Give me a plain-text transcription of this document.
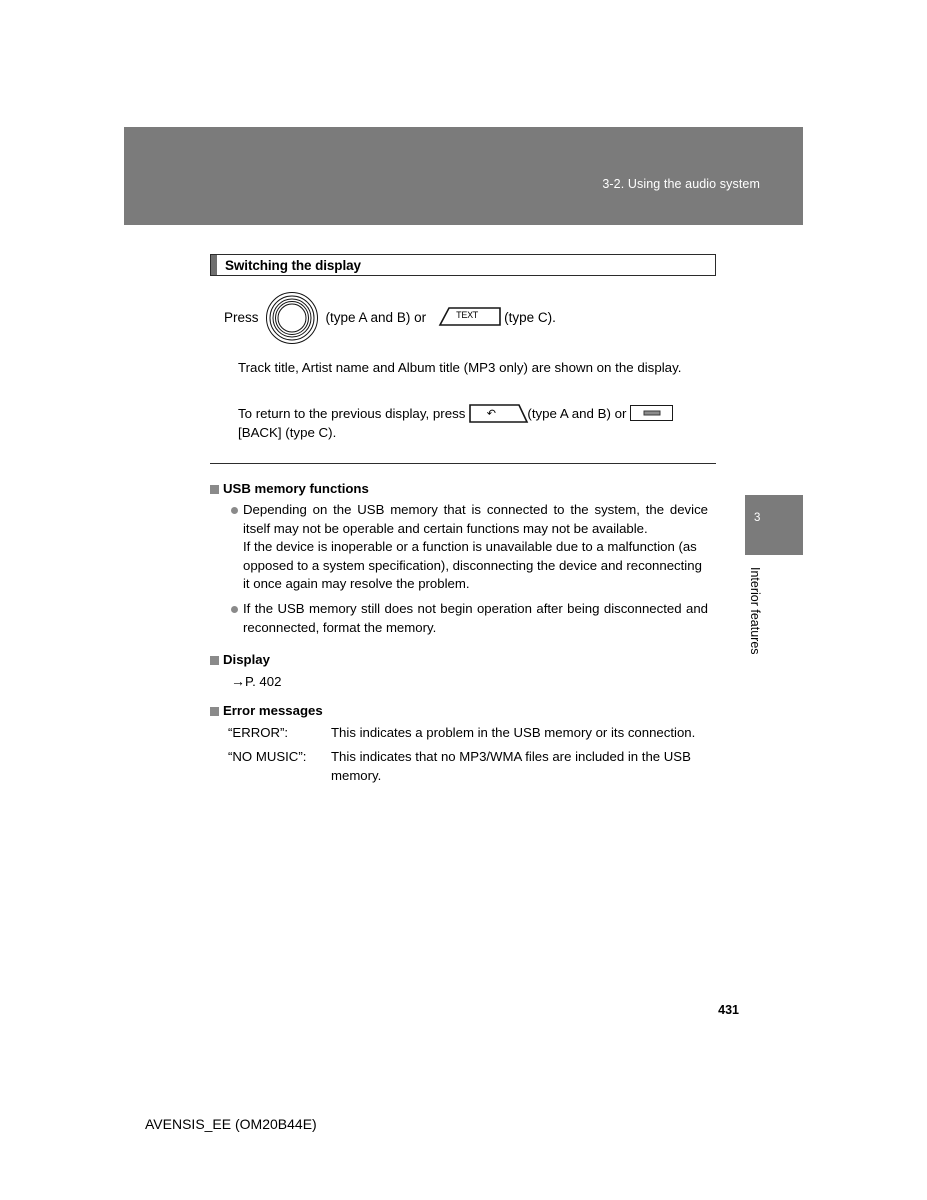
3-2. Using the audio system
Switching the display
Press	(type A and B) or	TEXT	(type C).
Track title, Artist name and Album title (MP3 only) are shown on the display.
To return to the previous display, press	↶	(type A and B) or
[BACK] (type C).
USB memory functions
Depending on the USB memory that is connected to the system, the device itself may not be operable and certain functions may not be available.
If the device is inoperable or a function is unavailable due to a malfunction (as opposed to a system specification), disconnecting the device and reconnecting it once again may resolve the problem.
If the USB memory still does not begin operation after being disconnected and reconnected, format the memory.
Display
→P. 402
Error messages
“ERROR”:	This indicates a problem in the USB memory or its connection.
“NO MUSIC”:	This indicates that no MP3/WMA files are included in the USB memory.
3
Interior features
431
AVENSIS_EE (OM20B44E)
